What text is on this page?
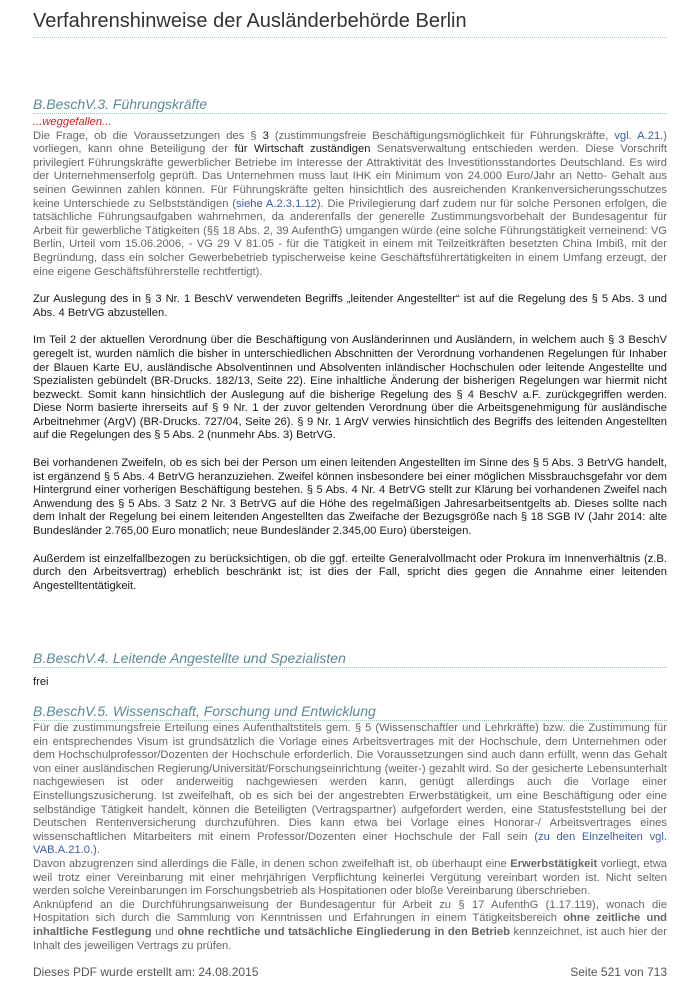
Verfahrenshinweise der Ausländerbehörde Berlin
B.BeschV.3. Führungskräfte
...weggefallen...
Die Frage, ob die Voraussetzungen des § 3 (zustimmungsfreie Beschäftigungsmöglichkeit für Führungskräfte, vgl. A.21.) vorliegen, kann ohne Beteiligung der für Wirtschaft zuständigen Senatsverwaltung entschieden werden. Diese Vorschrift privilegiert Führungskräfte gewerblicher Betriebe im Interesse der Attraktivität des Investitionsstandortes Deutschland. Es wird der Unternehmenserfolg geprüft. Das Unternehmen muss laut IHK ein Minimum von 24.000 Euro/Jahr an Netto- Gehalt aus seinen Gewinnen zahlen können. Für Führungskräfte gelten hinsichtlich des ausreichenden Krankenversicherungsschutzes keine Unterschiede zu Selbstständigen (siehe A.2.3.1.12). Die Privilegierung darf zudem nur für solche Personen erfolgen, die tatsächliche Führungsaufgaben wahrnehmen, da anderenfalls der generelle Zustimmungsvorbehalt der Bundesagentur für Arbeit für gewerbliche Tätigkeiten (§§ 18 Abs. 2, 39 AufenthG) umgangen würde (eine solche Führungstätigkeit verneinend: VG Berlin, Urteil vom 15.06.2006, - VG 29 V 81.05 - für die Tätigkeit in einem mit Teilzeitkräften besetzten China Imbiß, mit der Begründung, dass ein solcher Gewerbebetrieb typischerweise keine Geschäftsführertätigkeiten in einem Umfang erzeugt, der eine eigene Geschäftsführerstelle rechtfertigt).
Zur Auslegung des in § 3 Nr. 1 BeschV verwendeten Begriffs „leitender Angestellter“ ist auf die Regelung des § 5 Abs. 3 und Abs. 4 BetrVG abzustellen.
Im Teil 2 der aktuellen Verordnung über die Beschäftigung von Ausländerinnen und Ausländern, in welchem auch § 3 BeschV geregelt ist, wurden nämlich die bisher in unterschiedlichen Abschnitten der Verordnung vorhandenen Regelungen für Inhaber der Blauen Karte EU, ausländische Absolventinnen und Absolventen inländischer Hochschulen oder leitende Angestellte und Spezialisten gebündelt (BR-Drucks. 182/13, Seite 22). Eine inhaltliche Änderung der bisherigen Regelungen war hiermit nicht bezweckt. Somit kann hinsichtlich der Auslegung auf die bisherige Regelung des § 4 BeschV a.F. zurückgegriffen werden. Diese Norm basierte ihrerseits auf § 9 Nr. 1 der zuvor geltenden Verordnung über die Arbeitsgenehmigung für ausländische Arbeitnehmer (ArgV) (BR-Drucks. 727/04, Seite 26). § 9 Nr. 1 ArgV verwies hinsichtlich des Begriffs des leitenden Angestellten auf die Regelungen des § 5 Abs. 2 (nunmehr Abs. 3) BetrVG.
Bei vorhandenen Zweifeln, ob es sich bei der Person um einen leitenden Angestellten im Sinne des § 5 Abs. 3 BetrVG handelt, ist ergänzend § 5 Abs. 4 BetrVG heranzuziehen. Zweifel können insbesondere bei einer möglichen Missbrauchsgefahr vor dem Hintergrund einer vorherigen Beschäftigung bestehen. § 5 Abs. 4 Nr. 4 BetrVG stellt zur Klärung bei vorhandenen Zweifel nach Anwendung des § 5 Abs. 3 Satz 2 Nr. 3 BetrVG auf die Höhe des regelmäßigen Jahresarbeitsentgelts ab. Dieses sollte nach dem Inhalt der Regelung bei einem leitenden Angestellten das Zweifache der Bezugsgröße nach § 18 SGB IV (Jahr 2014: alte Bundesländer 2.765,00 Euro monatlich; neue Bundesländer 2.345,00 Euro) übersteigen.
Außerdem ist einzelfallbezogen zu berücksichtigen, ob die ggf. erteilte Generalvollmacht oder Prokura im Innenverhältnis (z.B. durch den Arbeitsvertrag) erheblich beschränkt ist; ist dies der Fall, spricht dies gegen die Annahme einer leitenden Angestelltentätigkeit.
B.BeschV.4. Leitende Angestellte und Spezialisten
frei
B.BeschV.5. Wissenschaft, Forschung und Entwicklung
Für die zustimmungsfreie Erteilung eines Aufenthaltstitels gem. § 5 (Wissenschaftler und Lehrkräfte) bzw. die Zustimmung für ein entsprechendes Visum ist grundsätzlich die Vorlage eines Arbeitsvertrages mit der Hochschule, dem Unternehmen oder dem Hochschulprofessor/Dozenten der Hochschule erforderlich. Die Voraussetzungen sind auch dann erfüllt, wenn das Gehalt von einer ausländischen Regierung/Universität/Forschungseinrichtung (weiter-) gezahlt wird. So der gesicherte Lebensunterhalt nachgewiesen ist oder anderweitig nachgewiesen werden kann, genügt allerdings auch die Vorlage einer Einstellungszusicherung. Ist zweifelhaft, ob es sich bei der angestrebten Erwerbstätigkeit, um eine Beschäftigung oder eine selbständige Tätigkeit handelt, können die Beteiligten (Vertragspartner) aufgefordert werden, eine Statusfeststellung bei der Deutschen Rentenversicherung durchzuführen. Dies kann etwa bei Vorlage eines Honorar-/ Arbeitsvertrages eines wissenschaftlichen Mitarbeiters mit einem Professor/Dozenten einer Hochschule der Fall sein (zu den Einzelheiten vgl. VAB.A.21.0.).
Davon abzugrenzen sind allerdings die Fälle, in denen schon zweifelhaft ist, ob überhaupt eine Erwerbstätigkeit vorliegt, etwa weil trotz einer Vereinbarung mit einer mehrjährigen Verpflichtung keinerlei Vergütung vereinbart worden ist. Nicht selten werden solche Vereinbarungen im Forschungsbetrieb als Hospitationen oder bloße Vereinbarung überschrieben.
Anknüpfend an die Durchführungsanweisung der Bundesagentur für Arbeit zu § 17 AufenthG (1.17.119), wonach die Hospitation sich durch die Sammlung von Kenntnissen und Erfahrungen in einem Tätigkeitsbereich ohne zeitliche und inhaltliche Festlegung und ohne rechtliche und tatsächliche Eingliederung in den Betrieb kennzeichnet, ist auch hier der Inhalt des jeweiligen Vertrags zu prüfen.
Dieses PDF wurde erstellt am: 24.08.2015	Seite 521 von 713
